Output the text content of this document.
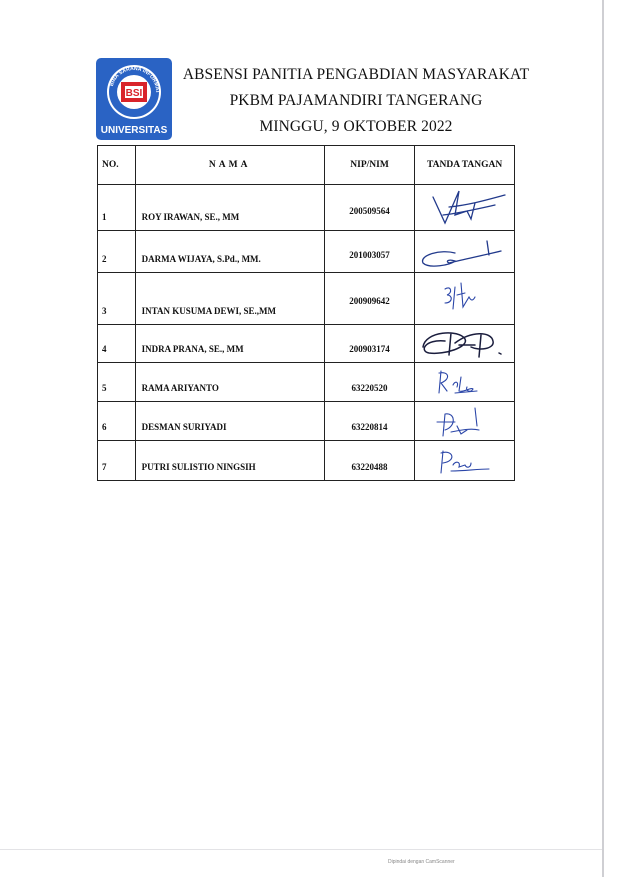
BSI
BINA SARANA INFORMAT
UNIVERSITAS
ABSENSI PANITIA PENGABDIAN MASYARAKAT
PKBM PAJAMANDIRI TANGERANG
MINGGU, 9 OKTOBER 2022
NO.	NAMA	NIP/NIM	TANDA TANGAN
1	ROY IRAWAN, SE., MM	200509564	

2	DARMA WIJAYA, S.Pd., MM.	201003057	

3	INTAN KUSUMA DEWI, SE.,MM	200909642	

4	INDRA PRANA, SE., MM	200903174	

5	RAMA ARIYANTO	63220520	

6	DESMAN SURIYADI	63220814	

7	PUTRI SULISTIO NINGSIH	63220488	
Dipindai dengan CamScanner
